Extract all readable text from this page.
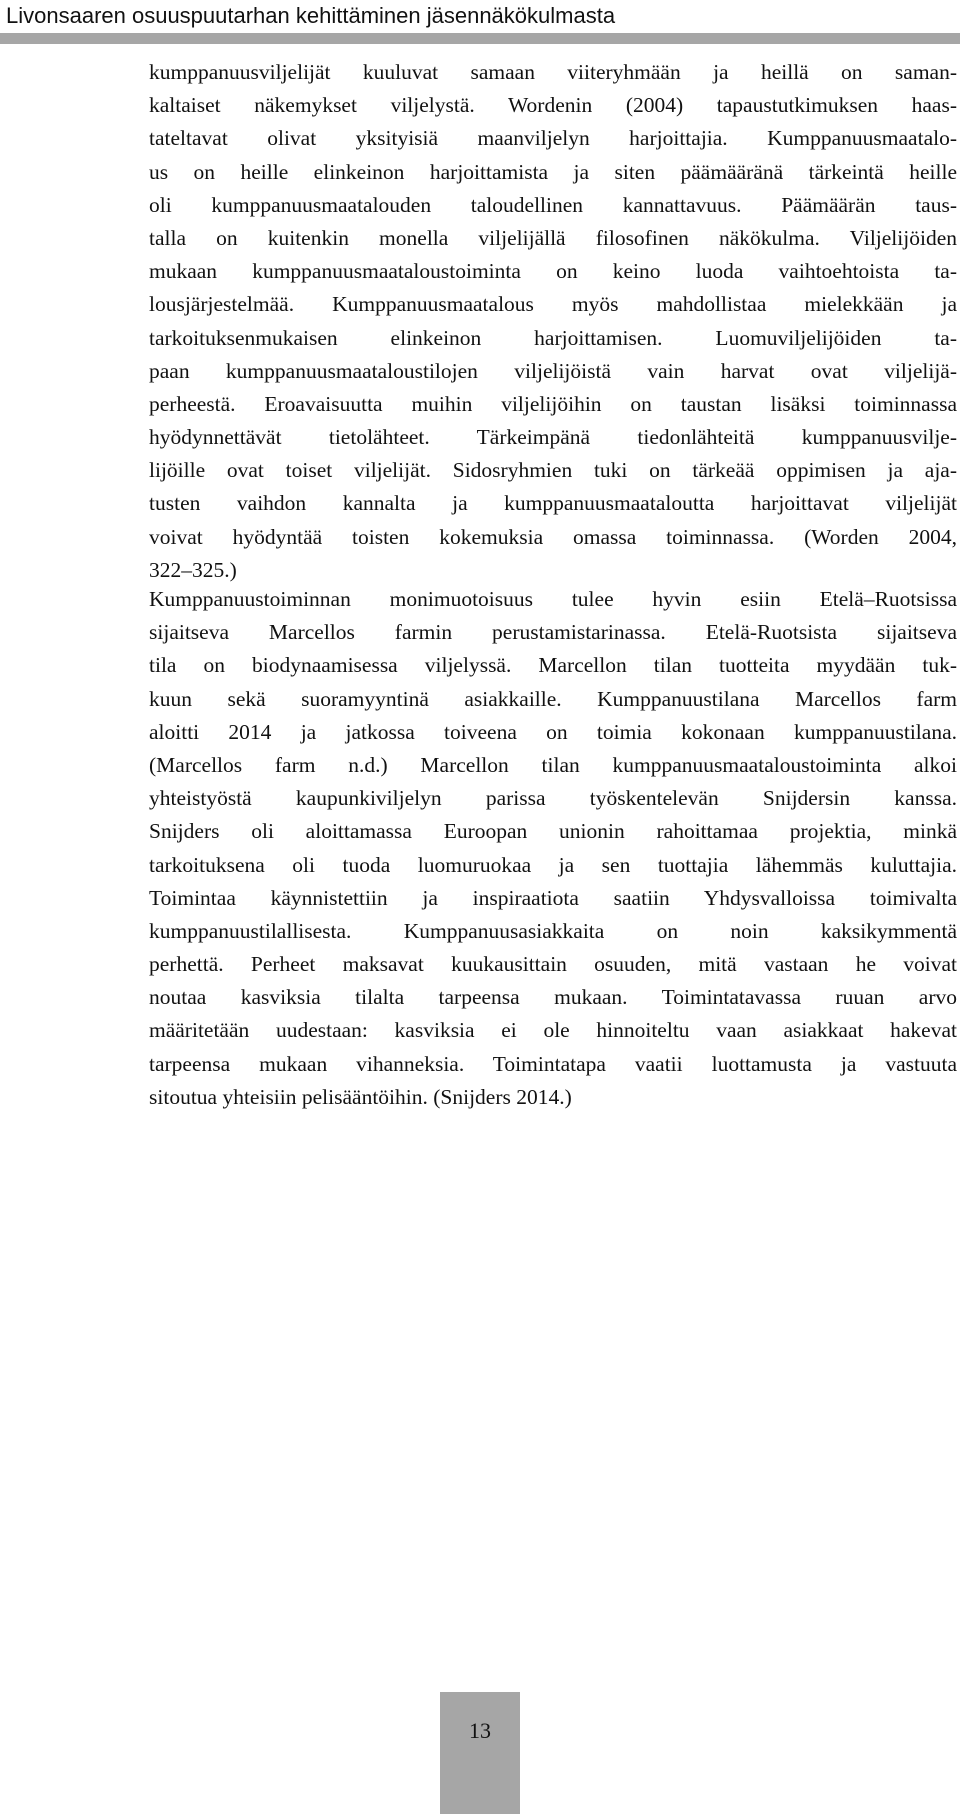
Livonsaaren osuuspuutarhan kehittäminen jäsennäkökulmasta
kumppanuusviljelijät kuuluvat samaan viiteryhmään ja heillä on saman-
kaltaiset näkemykset viljelystä. Wordenin (2004) tapaustutkimuksen haas-
tateltavat olivat yksityisiä maanviljelyn harjoittajia. Kumppanuusmaatalo-
us on heille elinkeinon harjoittamista ja siten päämääränä tärkeintä heille
oli kumppanuusmaatalouden taloudellinen kannattavuus. Päämäärän taus-
talla on kuitenkin monella viljelijällä filosofinen näkökulma. Viljelijöiden
mukaan kumppanuusmaataloustoiminta on keino luoda vaihtoehtoista ta-
lousjärjestelmää. Kumppanuusmaatalous myös mahdollistaa mielekkään ja
tarkoituksenmukaisen elinkeinon harjoittamisen. Luomuviljelijöiden ta-
paan kumppanuusmaataloustilojen viljelijöistä vain harvat ovat viljelijä-
perheestä. Eroavaisuutta muihin viljelijöihin on taustan lisäksi toiminnassa
hyödynnettävät tietolähteet. Tärkeimpänä tiedonlähteitä kumppanuusvilje-
lijöille ovat toiset viljelijät. Sidosryhmien tuki on tärkeää oppimisen ja aja-
tusten vaihdon kannalta ja kumppanuusmaataloutta harjoittavat viljelijät
voivat hyödyntää toisten kokemuksia omassa toiminnassa. (Worden 2004,
322–325.)
Kumppanuustoiminnan monimuotoisuus tulee hyvin esiin Etelä–Ruotsissa
sijaitseva Marcellos farmin perustamistarinassa. Etelä-Ruotsista sijaitseva
tila on biodynaamisessa viljelyssä. Marcellon tilan tuotteita myydään tuk-
kuun sekä suoramyyntinä asiakkaille. Kumppanuustilana Marcellos farm
aloitti 2014 ja jatkossa toiveena on toimia kokonaan kumppanuustilana.
(Marcellos farm n.d.) Marcellon tilan kumppanuusmaataloustoiminta alkoi
yhteistyöstä kaupunkiviljelyn parissa työskentelevän Snijdersin kanssa.
Snijders oli aloittamassa Euroopan unionin rahoittamaa projektia, minkä
tarkoituksena oli tuoda luomuruokaa ja sen tuottajia lähemmäs kuluttajia.
Toimintaa käynnistettiin ja inspiraatiota saatiin Yhdysvalloissa toimivalta
kumppanuustilallisesta. Kumppanuusasiakkaita on noin kaksikymmentä
perhettä. Perheet maksavat kuukausittain osuuden, mitä vastaan he voivat
noutaa kasviksia tilalta tarpeensa mukaan. Toimintatavassa ruuan arvo
määritetään uudestaan: kasviksia ei ole hinnoiteltu vaan asiakkaat hakevat
tarpeensa mukaan vihanneksia. Toimintatapa vaatii luottamusta ja vastuuta
sitoutua yhteisiin pelisääntöihin. (Snijders 2014.)
13
